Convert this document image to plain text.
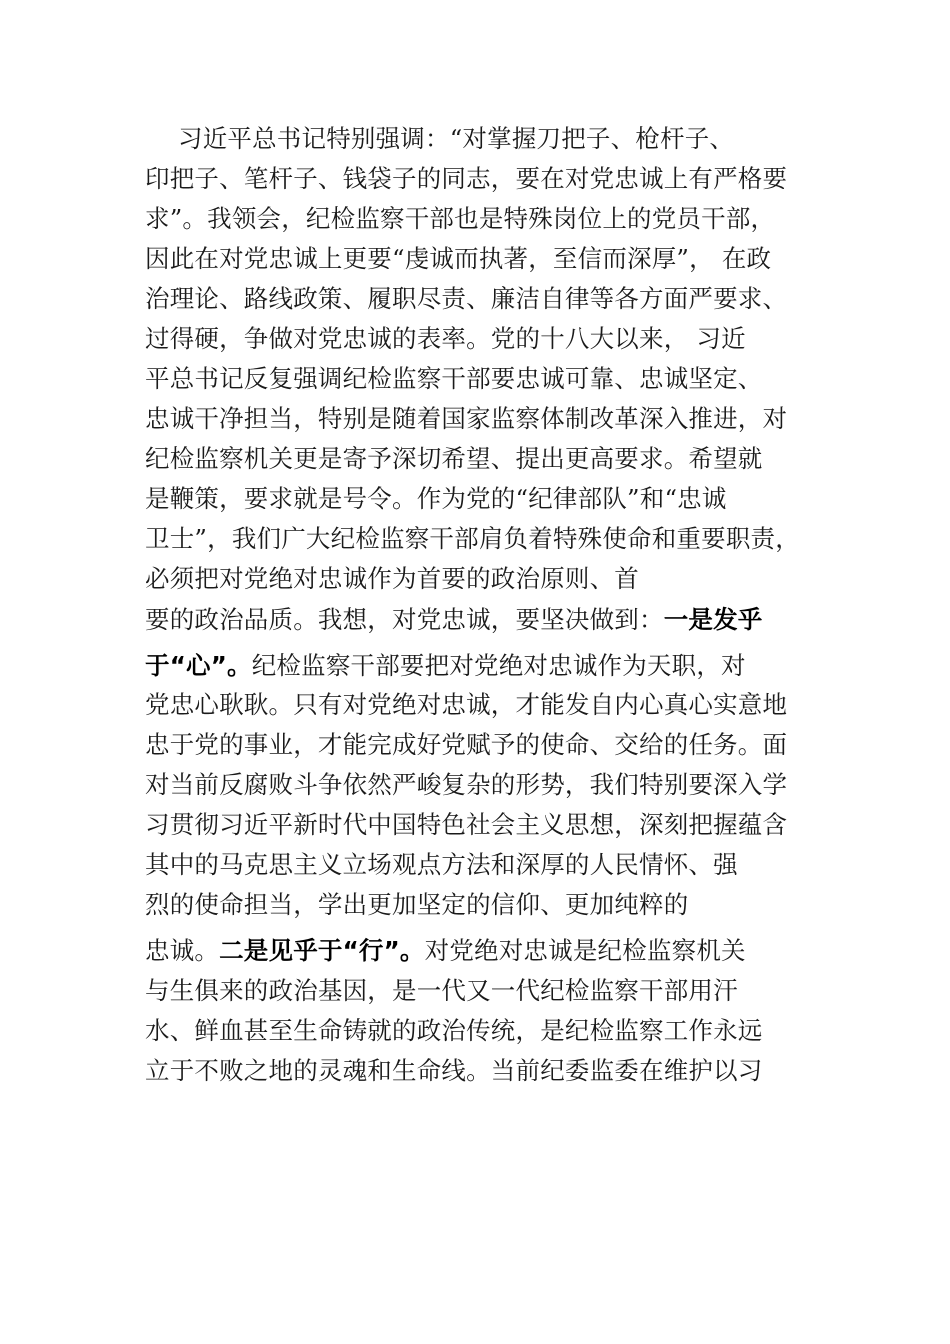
习近平总书记特别强调：“对掌握刀把子、枪杆子、
印把子、笔杆子、钱袋子的同志，要在对党忠诚上有严格要
求”。我领会，纪检监察干部也是特殊岗位上的党员干部，
因此在对党忠诚上更要“虔诚而执著，至信而深厚”， 在政
治理论、路线政策、履职尽责、廉洁自律等各方面严要求、
过得硬，争做对党忠诚的表率。党的十八大以来， 习近
平总书记反复强调纪检监察干部要忠诚可靠、忠诚坚定、
忠诚干净担当，特别是随着国家监察体制改革深入推进，对
纪检监察机关更是寄予深切希望、提出更高要求。希望就
是鞭策，要求就是号令。作为党的“纪律部队”和“忠诚
卫士”，我们广大纪检监察干部肩负着特殊使命和重要职责，
必须把对党绝对忠诚作为首要的政治原则、首
要的政治品质。我想，对党忠诚，要坚决做到：一是发乎
于“心”。纪检监察干部要把对党绝对忠诚作为天职，对
党忠心耿耿。只有对党绝对忠诚，才能发自内心真心实意地
忠于党的事业，才能完成好党赋予的使命、交给的任务。面
对当前反腐败斗争依然严峻复杂的形势，我们特别要深入学
习贯彻习近平新时代中国特色社会主义思想，深刻把握蕴含
其中的马克思主义立场观点方法和深厚的人民情怀、强
烈的使命担当，学出更加坚定的信仰、更加纯粹的
忠诚。二是见乎于“行”。对党绝对忠诚是纪检监察机关
与生俱来的政治基因，是一代又一代纪检监察干部用汗
水、鲜血甚至生命铸就的政治传统，是纪检监察工作永远
立于不败之地的灵魂和生命线。当前纪委监委在维护以习
